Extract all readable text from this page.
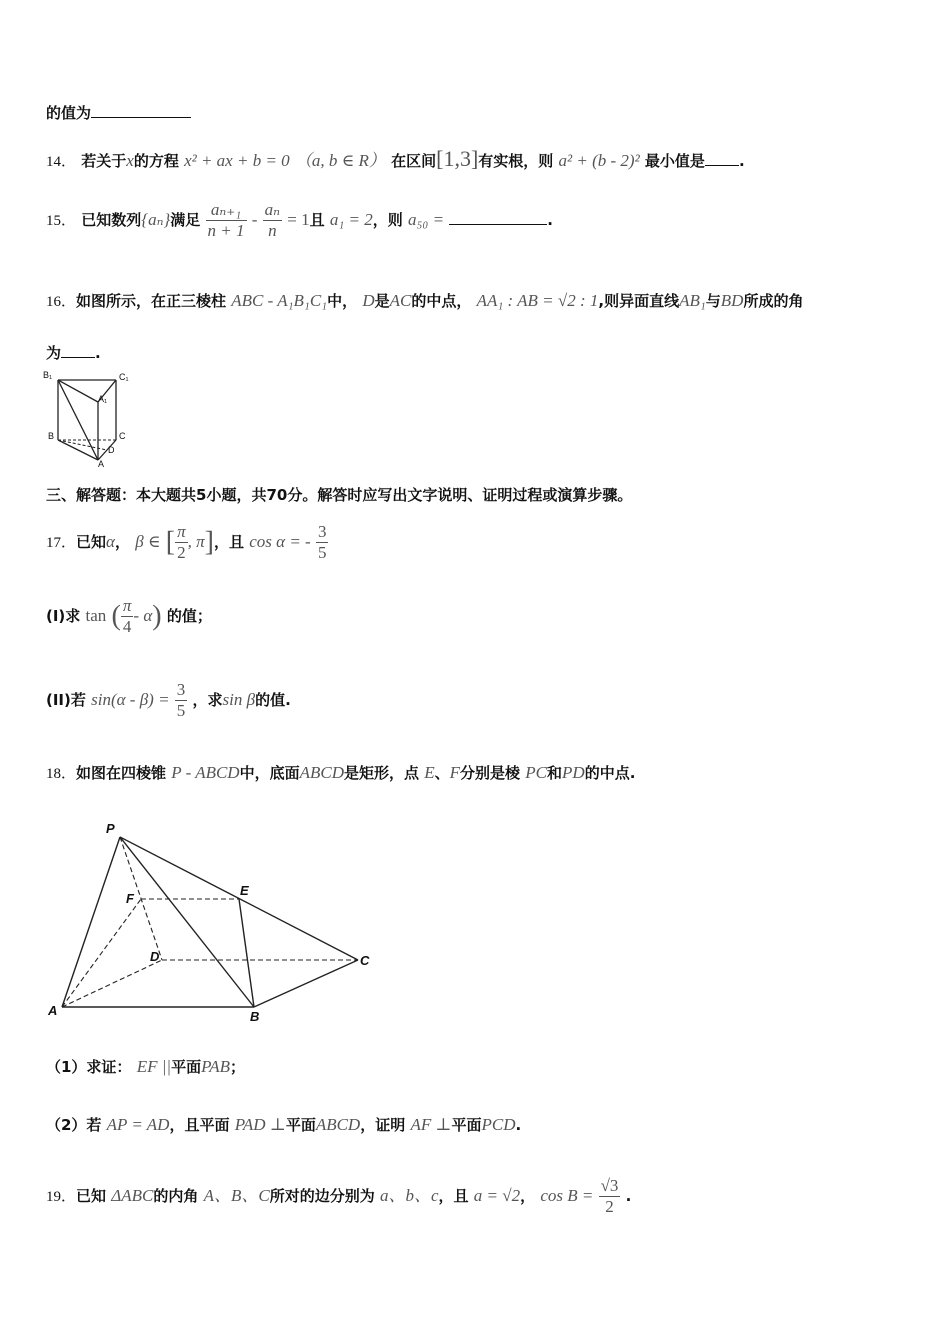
的值为
14． 若关于x的方程 x² + ax + b = 0 （a, b ∈ R） 在区间[1,3]有实根，则 a² + (b - 2)² 最小值是 .
15． 已知数列{aₙ}满足 $\frac{\text{aₙ₊₁}}{n + 1} - \frac{\text{aₙ}}{n} = 1$且 a₁ = 2，则 a₅₀ =	.
16．如图所示，在正三棱柱 ABC - A₁B₁C₁中， D是AC的中点， AA₁ : AB = √2 : 1,则异面直线AB₁与BD所成的角
为 .
B₁	C₁
A₁
B	C
D
A
三、解答题：本大题共5小题，共70分。解答时应写出文字说明、证明过程或演算步骤。
17．已知α， β ∈ [ $\frac{\pi}{2}$ , π]，且 cos α = - $\frac{3}{5}$
(I)求 tan ( $\frac{\pi}{4} - \alpha$) 的值；
(II)若 $\sin(\alpha - \beta) = \frac{3}{5}$ ，求sin β的值.
18．如图在四棱锥 P - ABCD中，底面ABCD是矩形，点 E、F分别是棱 PC和PD的中点.
P
F
E
D	C
A	B
（1）求证： EF ||平面PAB；
（2）若 AP = AD，且平面 PAD ⊥平面ABCD，证明 AF ⊥平面PCD.
19．已知 ΔABC的内角 A、B、C所对的边分别为 a、b、c，且 a = √2， $\cos B = \frac{√3}{2}$ .
